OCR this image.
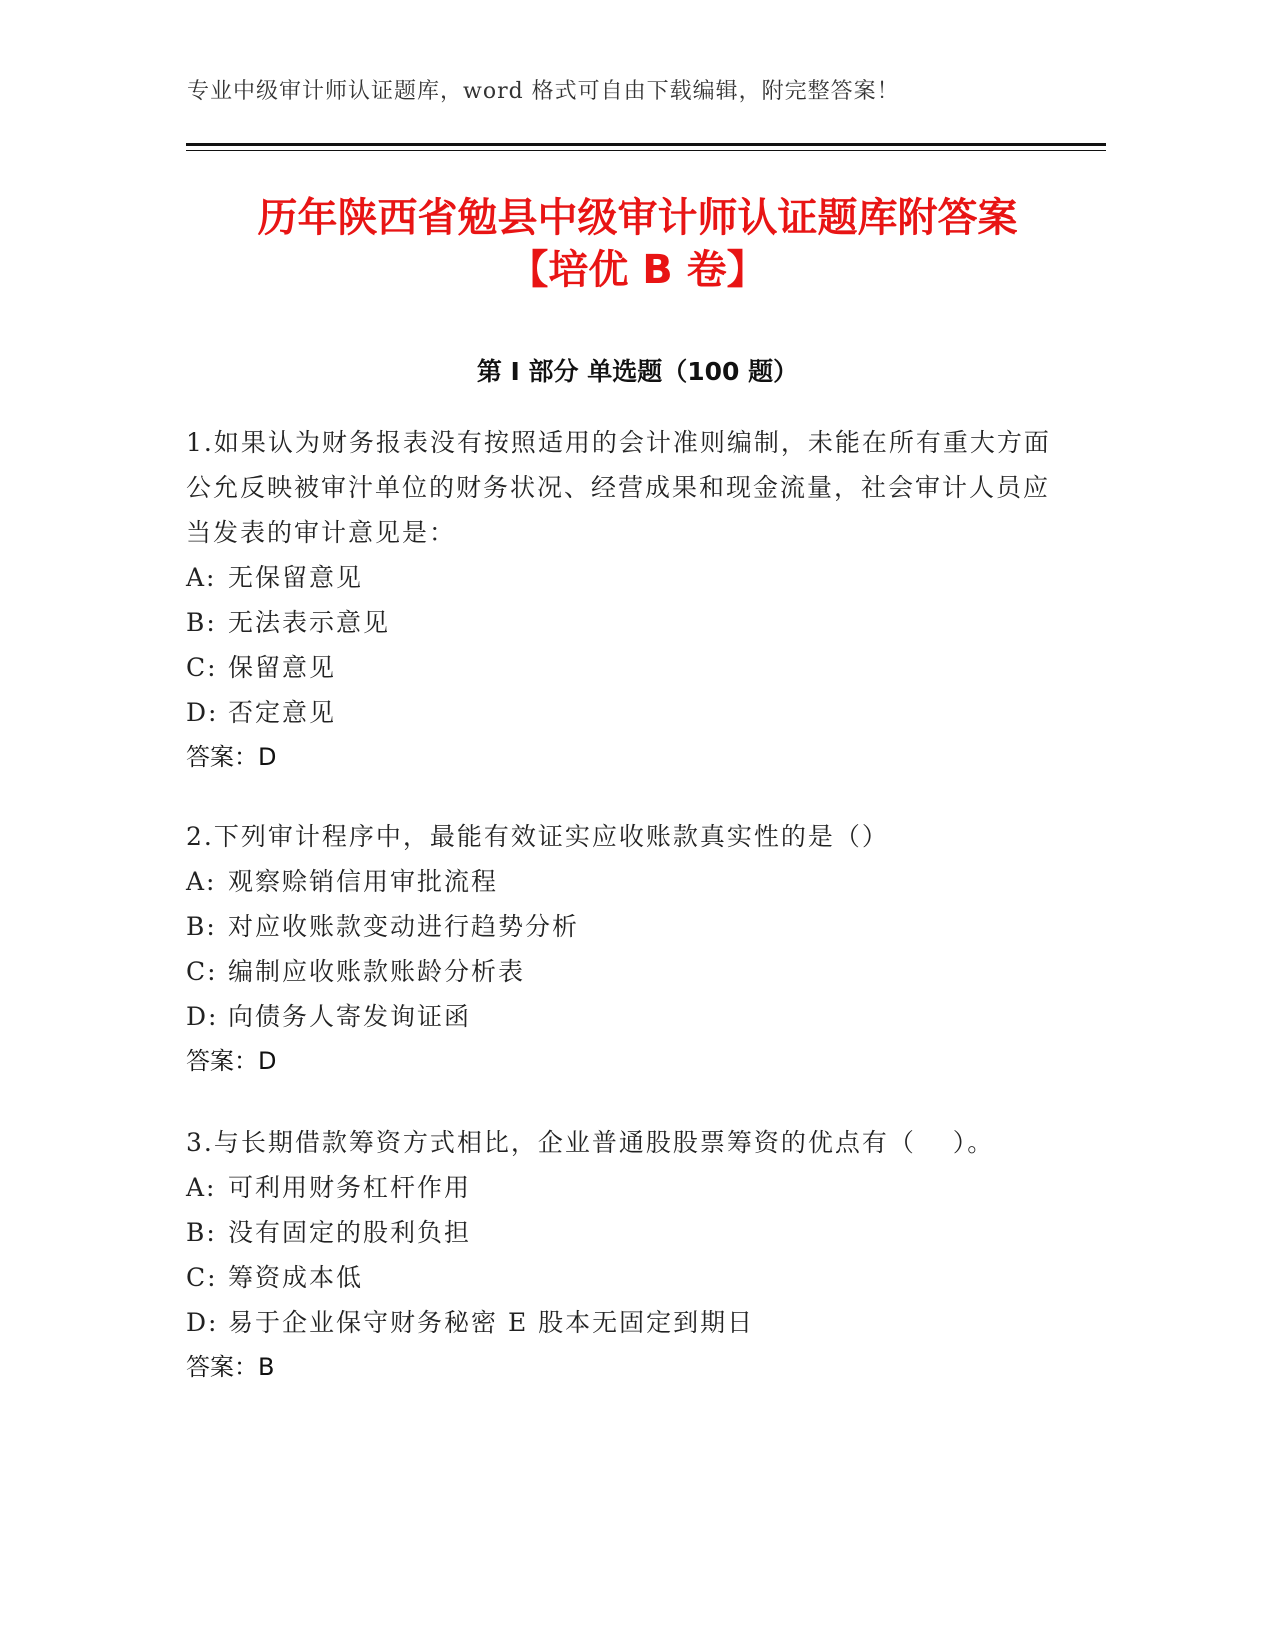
专业中级审计师认证题库，word 格式可自由下载编辑，附完整答案！
历年陕西省勉县中级审计师认证题库附答案
【培优 B 卷】
第 I 部分 单选题（100 题）
1.如果认为财务报表没有按照适用的会计准则编制，未能在所有重大方面公允反映被审汁单位的财务状况、经营成果和现金流量，社会审计人员应当发表的审计意见是：
A: 无保留意见
B: 无法表示意见
C: 保留意见
D: 否定意见
答案：D
2.下列审计程序中，最能有效证实应收账款真实性的是（）
A: 观察赊销信用审批流程
B: 对应收账款变动进行趋势分析
C: 编制应收账款账龄分析表
D: 向债务人寄发询证函
答案：D
3.与长期借款筹资方式相比，企业普通股股票筹资的优点有（　 ）。
A: 可利用财务杠杆作用
B: 没有固定的股利负担
C: 筹资成本低
D: 易于企业保守财务秘密 E 股本无固定到期日
答案：B
